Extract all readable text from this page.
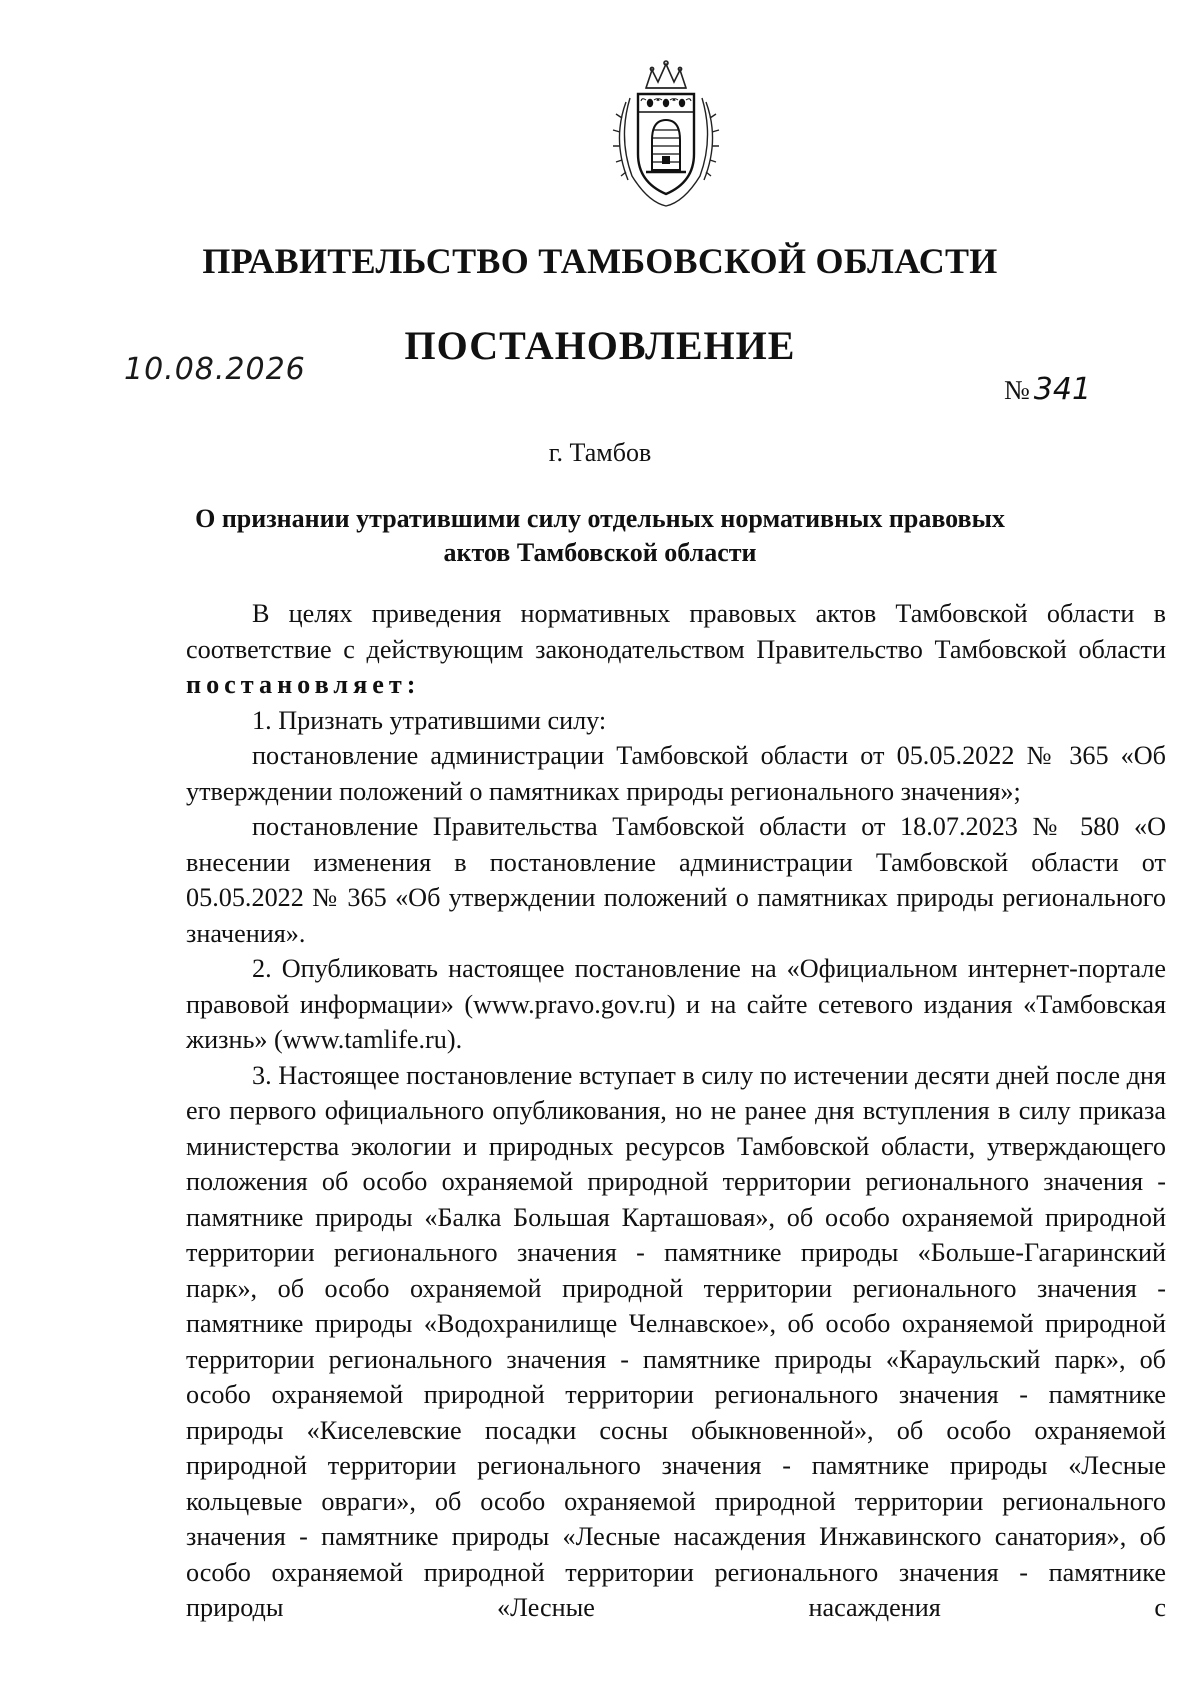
ПРАВИТЕЛЬСТВО ТАМБОВСКОЙ ОБЛАСТИ
ПОСТАНОВЛЕНИЕ
10.08.2026
№ 341
г. Тамбов
О признании утратившими силу отдельных нормативных правовых актов Тамбовской области

В целях приведения нормативных правовых актов Тамбовской области в соответствие с действующим законодательством Правительство Тамбовской области постановляет:

1. Признать утратившими силу:

постановление администрации Тамбовской области от 05.05.2022 № 365 «Об утверждении положений о памятниках природы регионального значения»;

постановление Правительства Тамбовской области от 18.07.2023 № 580 «О внесении изменения в постановление администрации Тамбовской области от 05.05.2022 № 365 «Об утверждении положений о памятниках природы регионального значения».

2. Опубликовать настоящее постановление на «Официальном интернет-портале правовой информации» (www.pravo.gov.ru) и на сайте сетевого издания «Тамбовская жизнь» (www.tamlife.ru).

3. Настоящее постановление вступает в силу по истечении десяти дней после дня его первого официального опубликования, но не ранее дня вступления в силу приказа министерства экологии и природных ресурсов Тамбовской области, утверждающего положения об особо охраняемой природной территории регионального значения - памятнике природы «Балка Большая Карташовая», об особо охраняемой природной территории регионального значения - памятнике природы «Больше-Гагаринский парк», об особо охраняемой природной территории регионального значения - памятнике природы «Водохранилище Челнавское», об особо охраняемой природной территории регионального значения - памятнике природы «Караульский парк», об особо охраняемой природной территории регионального значения - памятнике природы «Киселевские посадки сосны обыкновенной», об особо охраняемой природной территории регионального значения - памятнике природы «Лесные кольцевые овраги», об особо охраняемой природной территории регионального значения - памятнике природы «Лесные насаждения Инжавинского санатория», об особо охраняемой природной территории регионального значения - памятнике природы «Лесные насаждения с
